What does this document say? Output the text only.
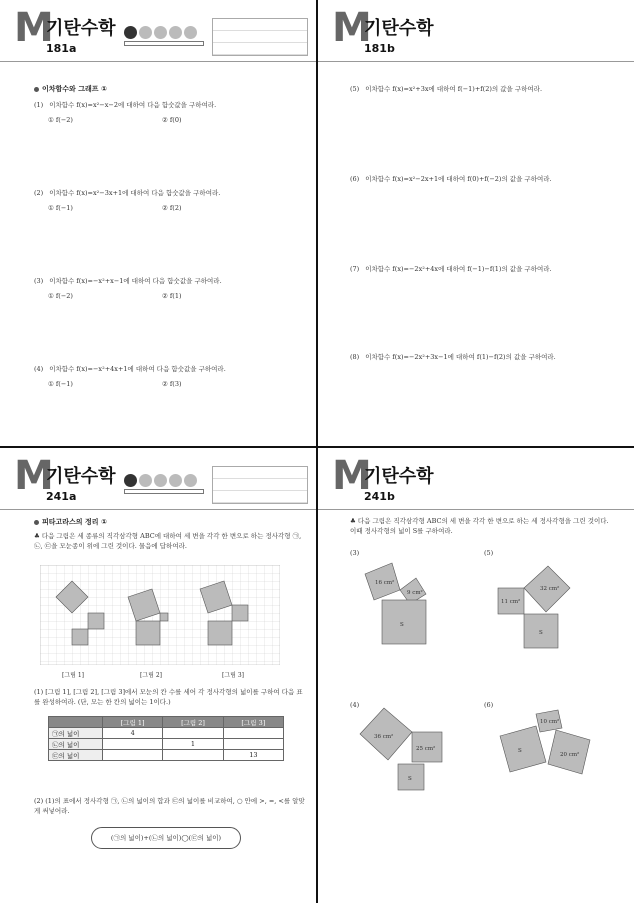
M
기탄수학
181a
이차함수와 그래프 ①
(1) 이차함수 f(x)=x²−x−2에 대하여 다음 함숫값을 구하여라.
① f(−2)	② f(0)
(2) 이차함수 f(x)=x²−3x+1에 대하여 다음 함숫값을 구하여라.
① f(−1)	② f(2)
(3) 이차함수 f(x)=−x²+x−1에 대하여 다음 함숫값을 구하여라.
① f(−2)	② f(1)
(4) 이차함수 f(x)=−x²+4x+1에 대하여 다음 함숫값을 구하여라.
① f(−1)	② f(3)
M
기탄수학
181b
(5) 이차함수 f(x)=x²+3x에 대하여 f(−1)+f(2)의 값을 구하여라.
(6) 이차함수 f(x)=x²−2x+1에 대하여 f(0)+f(−2)의 값을 구하여라.
(7) 이차함수 f(x)=−2x²+4x에 대하여 f(−1)−f(1)의 값을 구하여라.
(8) 이차함수 f(x)=−2x²+3x−1에 대하여 f(1)−f(2)의 값을 구하여라.
M
기탄수학
241a
피타고라스의 정리 ①
♣ 다음 그림은 세 종류의 직각삼각형 ABC에 대하여 세 변을 각각 한 변으로 하는 정사각형 ㉠, ㉡, ㉢을 모눈종이 위에 그린 것이다. 물음에 답하여라.
[그림 1]	[그림 2]	[그림 3]
(1) [그림 1], [그림 2], [그림 3]에서 모눈의 칸 수를 세어 각 정사각형의 넓이를 구하여 다음 표를 완성하여라. (단, 모는 한 칸의 넓이는 1이다.)
	[그림 1]	[그림 2]	[그림 3]
㉠의 넓이	4		
㉡의 넓이		1	
㉢의 넓이			13
(2) (1)의 표에서 정사각형 ㉠, ㉡의 넓이의 합과 ㉢의 넓이를 비교하여, ○ 안에 >, =, <를 알맞게 써넣어라.
(㉠의 넓이)+(㉡의 넓이)◯(㉢의 넓이)
M
기탄수학
241b
♣ 다음 그림은 직각삼각형 ABC의 세 변을 각각 한 변으로 하는 세 정사각형을 그린 것이다. 이때 정사각형의 넓이 S를 구하여라.
(3)
16 cm²
9 cm²
S
(5)
11 cm²
32 cm²
S
(4)
36 cm²
25 cm²
S
(6)
10 cm²
S
20 cm²
